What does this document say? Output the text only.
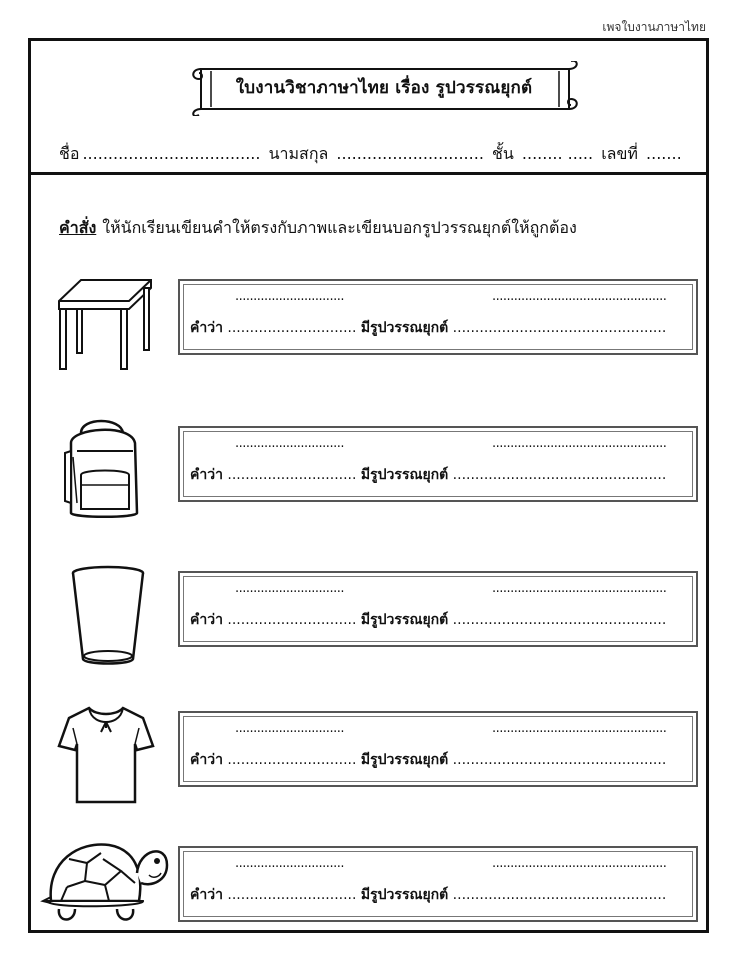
เพจใบงานภาษาไทย
ใบงานวิชาภาษาไทย เรื่อง รูปวรรณยุกต์
ชื่อ ................................... นามสกุล ............................. ชั้น ........ ..... เลขที่ .......
คำสั่ง ให้นักเรียนเขียนคำให้ตรงกับภาพและเขียนบอกรูปวรรณยุกต์ให้ถูกต้อง
..............................	................................................
คำว่า ............................. มีรูปวรรณยุกต์ ................................................
..............................	................................................
คำว่า ............................. มีรูปวรรณยุกต์ ................................................
..............................	................................................
คำว่า ............................. มีรูปวรรณยุกต์ ................................................
..............................	................................................
คำว่า ............................. มีรูปวรรณยุกต์ ................................................
..............................	................................................
คำว่า ............................. มีรูปวรรณยุกต์ ................................................
